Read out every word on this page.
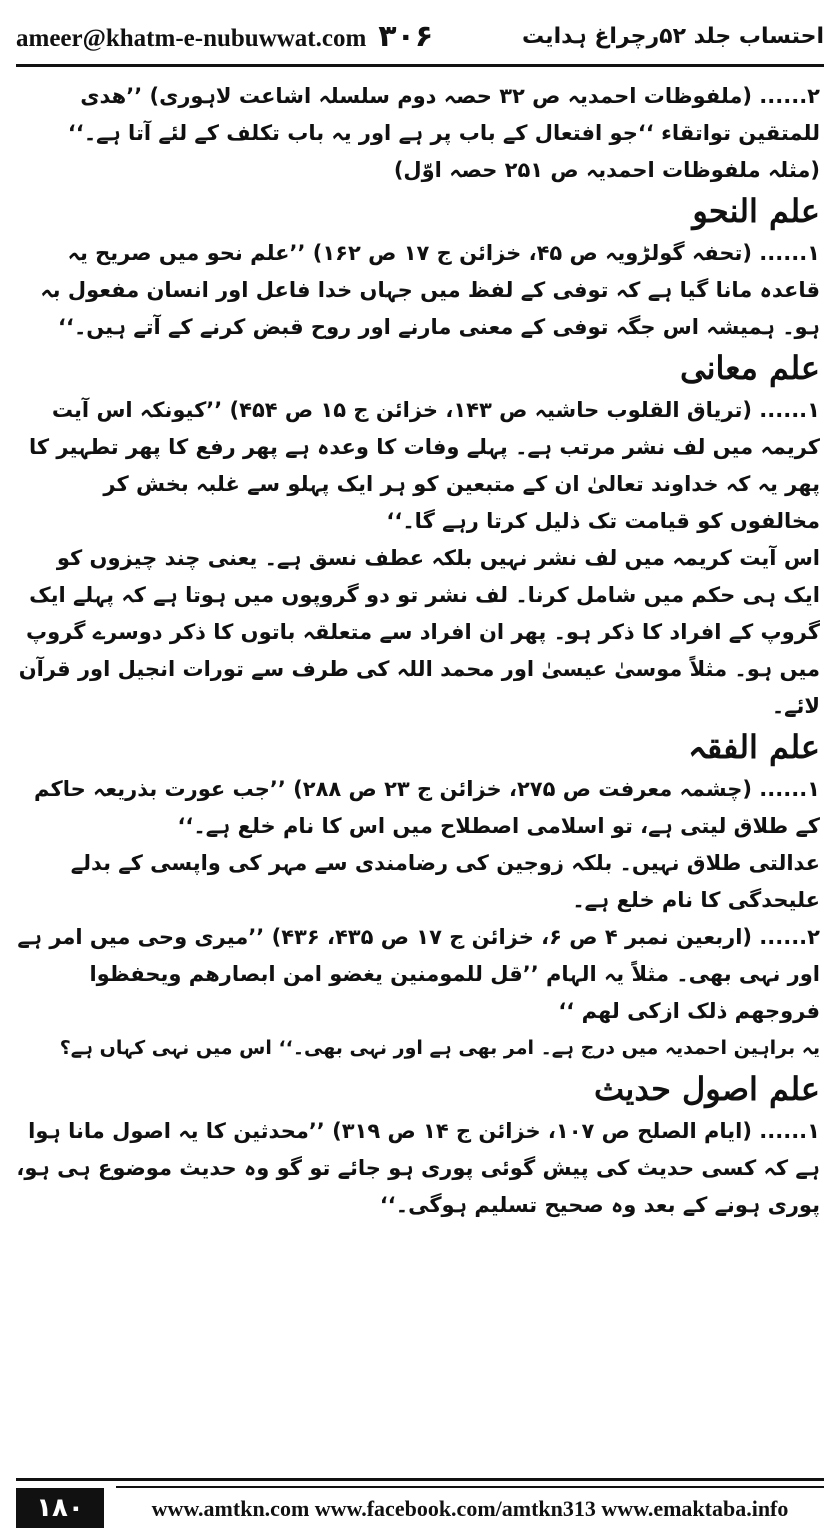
ameer@khatm-e-nubuwwat.com ۳۰۶	احتساب جلد ۵۲رچراغ ہدایت

۲...... (ملفوظات احمدیہ ص ۳۲ حصہ دوم سلسلہ اشاعت لاہوری) ’’ھدی للمتقین تواتقاء ‘‘جو افتعال کے باب پر ہے اور یہ باب تکلف کے لئے آتا ہے۔‘‘ (مثلہ ملفوظات احمدیہ ص ۲۵۱ حصہ اوّل)

علم النحو

۱...... (تحفہ گولڑویہ ص ۴۵، خزائن ج ۱۷ ص ۱۶۲) ’’علم نحو میں صریح یہ قاعدہ مانا گیا ہے کہ توفی کے لفظ میں جہاں خدا فاعل اور انسان مفعول بہ ہو۔ ہمیشہ اس جگہ توفی کے معنی مارنے اور روح قبض کرنے کے آتے ہیں۔‘‘

علم معانی

۱...... (تریاق القلوب حاشیہ ص ۱۴۳، خزائن ج ۱۵ ص ۴۵۴) ’’کیونکہ اس آیت کریمہ میں لف نشر مرتب ہے۔ پہلے وفات کا وعدہ ہے پھر رفع کا پھر تطہیر کا پھر یہ کہ خداوند تعالیٰ ان کے متبعین کو ہر ایک پہلو سے غلبہ بخش کر مخالفوں کو قیامت تک ذلیل کرتا رہے گا۔‘‘

اس آیت کریمہ میں لف نشر نہیں بلکہ عطف نسق ہے۔ یعنی چند چیزوں کو ایک ہی حکم میں شامل کرنا۔ لف نشر تو دو گروپوں میں ہوتا ہے کہ پہلے ایک گروپ کے افراد کا ذکر ہو۔ پھر ان افراد سے متعلقہ باتوں کا ذکر دوسرے گروپ میں ہو۔ مثلاً موسیٰ عیسیٰ اور محمد اللہ کی طرف سے تورات انجیل اور قرآن لائے۔

علم الفقہ

۱...... (چشمہ معرفت ص ۲۷۵، خزائن ج ۲۳ ص ۲۸۸) ’’جب عورت بذریعہ حاکم کے طلاق لیتی ہے، تو اسلامی اصطلاح میں اس کا نام خلع ہے۔‘‘

عدالتی طلاق نہیں۔ بلکہ زوجین کی رضامندی سے مہر کی واپسی کے بدلے علیحدگی کا نام خلع ہے۔

۲...... (اربعین نمبر ۴ ص ۶، خزائن ج ۱۷ ص ۴۳۵، ۴۳۶) ’’میری وحی میں امر ہے اور نہی بھی۔ مثلاً یہ الہام ’’قل للمومنین یغضو امن ابصارھم ویحفظوا فروجھم ذلک ازکی لھم ‘‘

یہ براہین احمدیہ میں درج ہے۔ امر بھی ہے اور نہی بھی۔‘‘ اس میں نہی کہاں ہے؟

علم اصول حدیث

۱...... (ایام الصلح ص ۱۰۷، خزائن ج ۱۴ ص ۳۱۹) ’’محدثین کا یہ اصول مانا ہوا ہے کہ کسی حدیث کی پیش گوئی پوری ہو جائے تو گو وہ حدیث موضوع ہی ہو، پوری ہونے کے بعد وہ صحیح تسلیم ہوگی۔‘‘

۱۸۰	www.amtkn.com www.facebook.com/amtkn313 www.emaktaba.info
